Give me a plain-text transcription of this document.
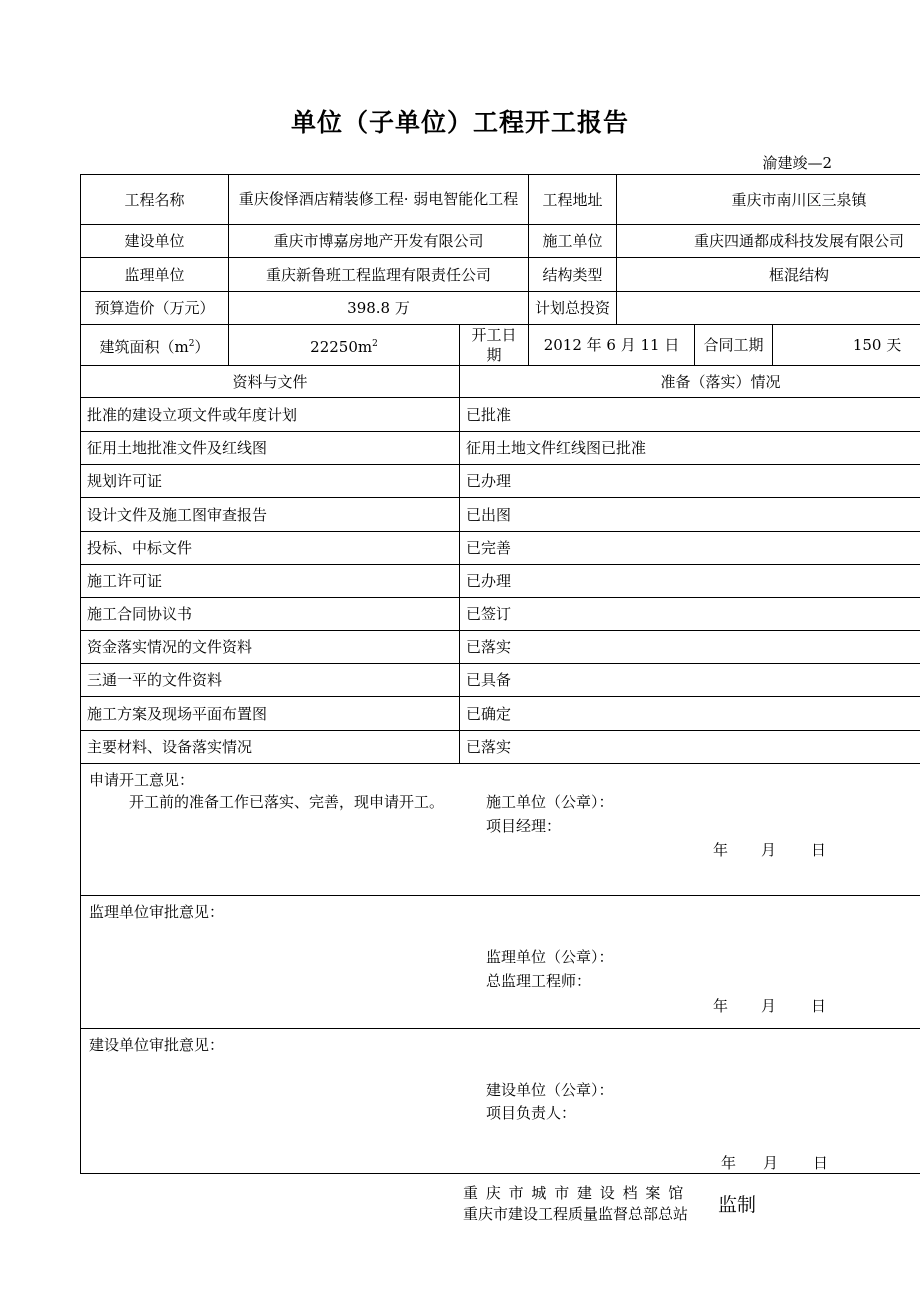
单位（子单位）工程开工报告
渝建竣—2
工程名称	重庆俊怿酒店精装修工程· 弱电智能化工程		工程地址	重庆市南川区三泉镇		
建设单位	重庆市博嘉房地产开发有限公司		施工单位	重庆四通都成科技发展有限公司		
监理单位	重庆新鲁班工程监理有限责任公司		结构类型	框混结构		
预算造价（万元）	398.8 万		计划总投资			
建筑面积$(m^2)$	$22250m^2$	开工日期	2012 年 6 月 11 日		合同工期	150 天
资料与文件		准备（落实）情况				
批准的建设立项文件或年度计划		已批准				
征用土地批准文件及红线图		征用土地文件红线图已批准				
规划许可证		已办理				
设计文件及施工图审查报告		已出图				
投标、中标文件		已完善				
施工许可证		已办理				
施工合同协议书		已签订				
资金落实情况的文件资料		已落实				
三通一平的文件资料		已具备				
施工方案及现场平面布置图		已确定				
主要材料、设备落实情况		已落实				

申请开工意见：
开工前的准备工作已落实、完善，现申请开工。 施工单位（公章）：
项目经理：
年 月 日						

监理单位审批意见：
监理单位（公章）：
总监理工程师：
年 月 日						

建设单位审批意见：
建设单位（公章）：
项目负责人：
年 月 日						
重庆市城市建设档案馆
重庆市建设工程质量监督总部总站 监制
